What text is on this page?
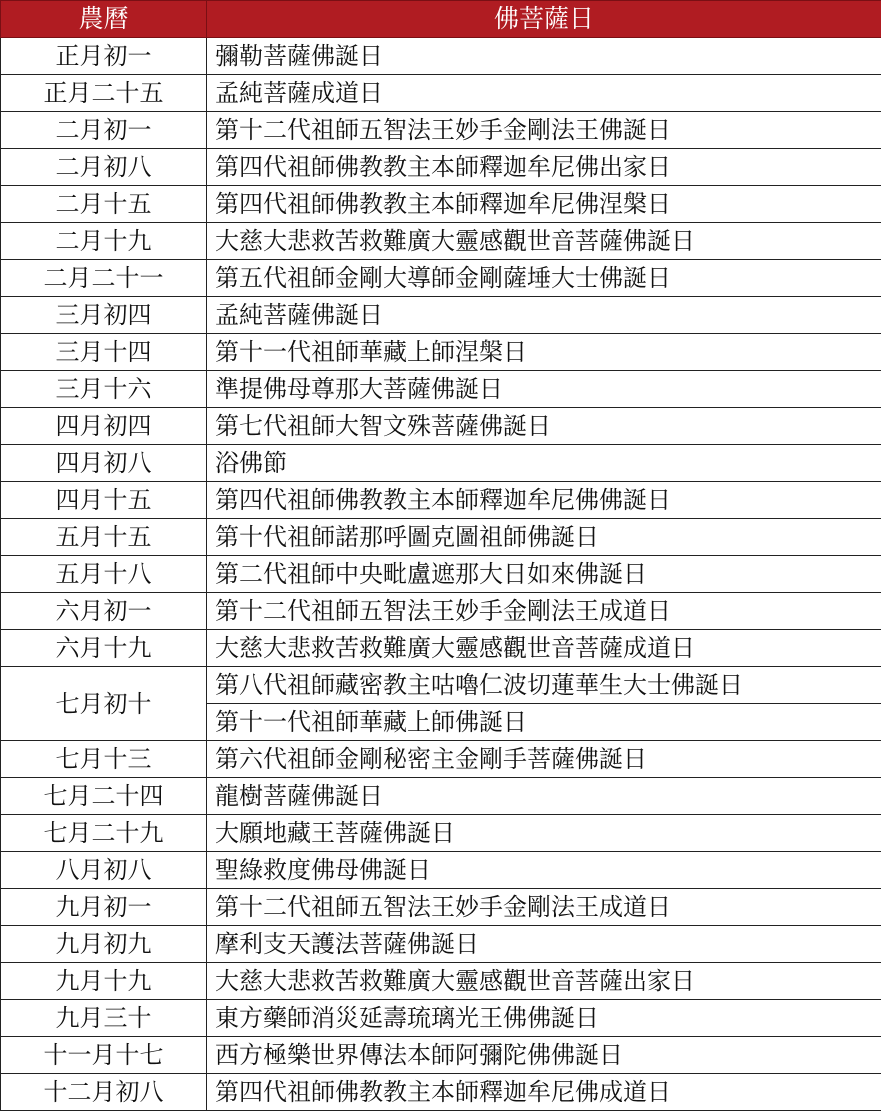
農曆	佛菩薩日
正月初一	彌勒菩薩佛誕日
正月二十五	孟純菩薩成道日
二月初一	第十二代祖師五智法王妙手金剛法王佛誕日
二月初八	第四代祖師佛教教主本師釋迦牟尼佛出家日
二月十五	第四代祖師佛教教主本師釋迦牟尼佛涅槃日
二月十九	大慈大悲救苦救難廣大靈感觀世音菩薩佛誕日
二月二十一	第五代祖師金剛大導師金剛薩埵大士佛誕日
三月初四	孟純菩薩佛誕日
三月十四	第十一代祖師華藏上師涅槃日
三月十六	準提佛母尊那大菩薩佛誕日
四月初四	第七代祖師大智文殊菩薩佛誕日
四月初八	浴佛節
四月十五	第四代祖師佛教教主本師釋迦牟尼佛佛誕日
五月十五	第十代祖師諾那呼圖克圖祖師佛誕日
五月十八	第二代祖師中央毗盧遮那大日如來佛誕日
六月初一	第十二代祖師五智法王妙手金剛法王成道日
六月十九	大慈大悲救苦救難廣大靈感觀世音菩薩成道日
七月初十	第八代祖師藏密教主咕嚕仁波切蓮華生大士佛誕日
	第十一代祖師華藏上師佛誕日
七月十三	第六代祖師金剛秘密主金剛手菩薩佛誕日
七月二十四	龍樹菩薩佛誕日
七月二十九	大願地藏王菩薩佛誕日
八月初八	聖綠救度佛母佛誕日
九月初一	第十二代祖師五智法王妙手金剛法王成道日
九月初九	摩利支天護法菩薩佛誕日
九月十九	大慈大悲救苦救難廣大靈感觀世音菩薩出家日
九月三十	東方藥師消災延壽琉璃光王佛佛誕日
十一月十七	西方極樂世界傳法本師阿彌陀佛佛誕日
十二月初八	第四代祖師佛教教主本師釋迦牟尼佛成道日
